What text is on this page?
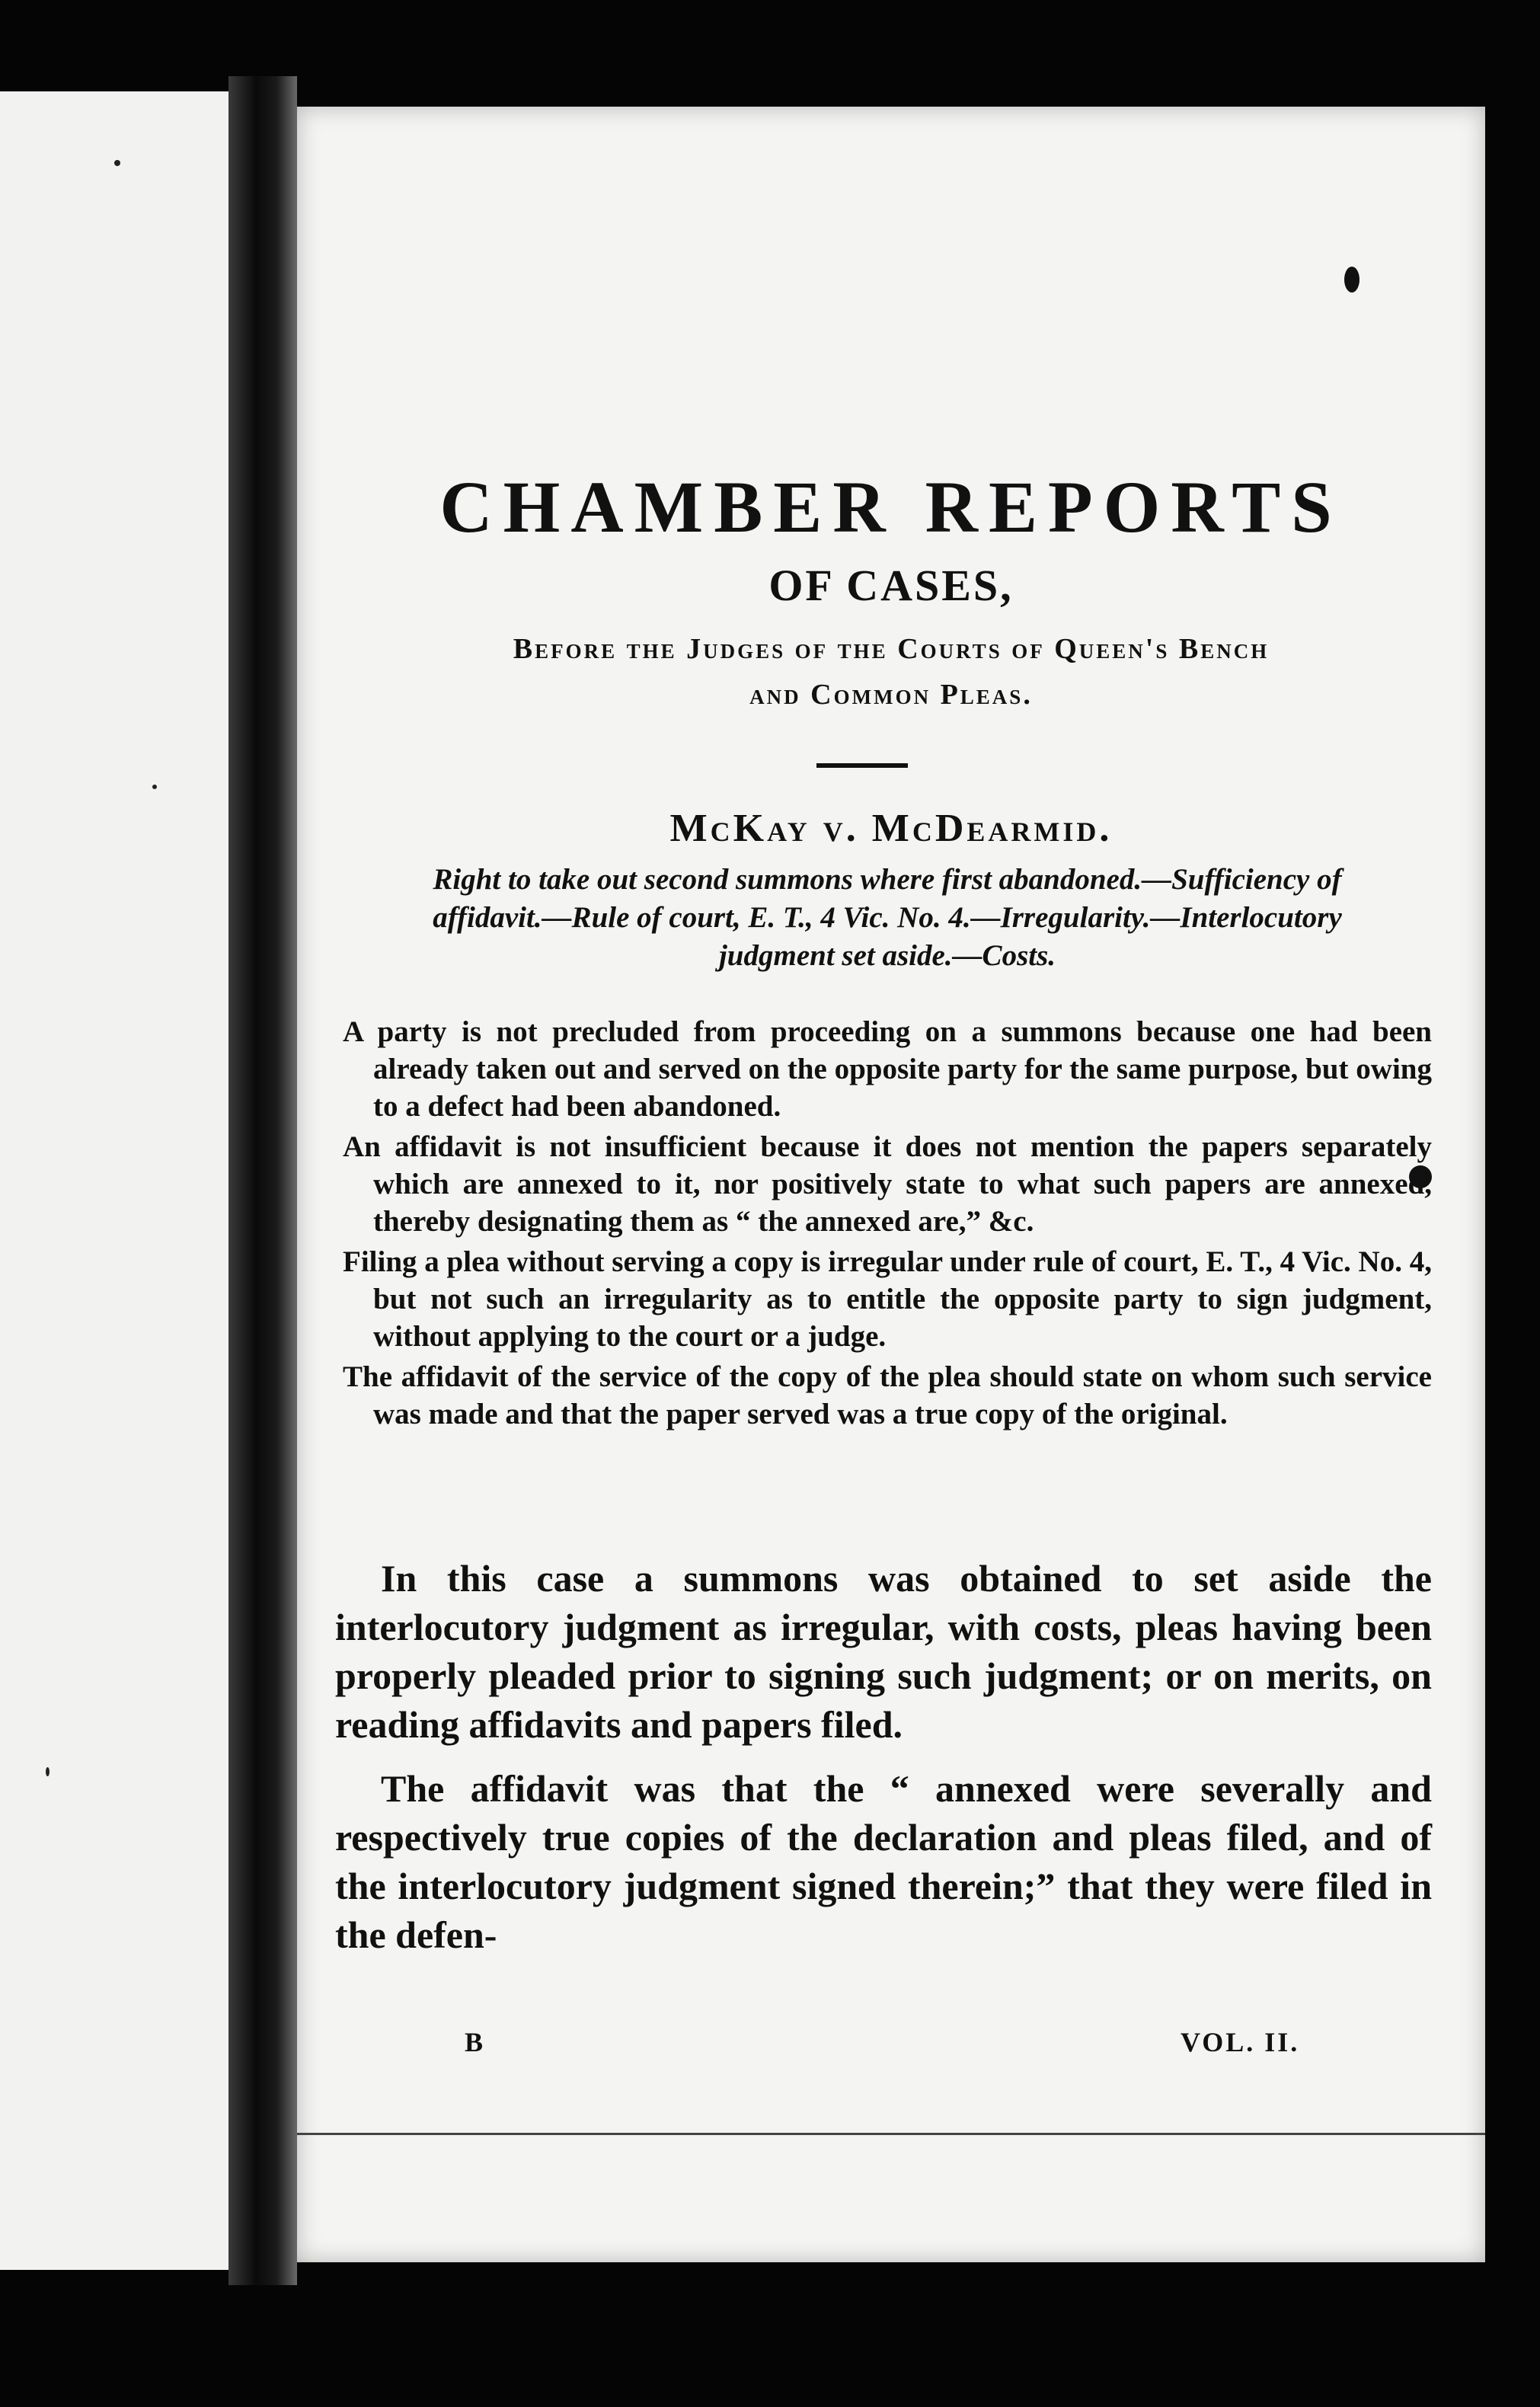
CHAMBER REPORTS
OF CASES,
Before the Judges of the Courts of Queen's Bench
and Common Pleas.
McKay v. McDearmid.
Right to take out second summons where first abandoned.—Sufficiency of affidavit.—Rule of court, E. T., 4 Vic. No. 4.—Irregularity.—Interlocutory judgment set aside.—Costs.

A party is not precluded from proceeding on a summons because one had been already taken out and served on the opposite party for the same purpose, but owing to a defect had been abandoned.

An affidavit is not insufficient because it does not mention the papers separately which are annexed to it, nor positively state to what such papers are annexed, thereby designating them as “ the annexed are,” &c.

Filing a plea without serving a copy is irregular under rule of court, E. T., 4 Vic. No. 4, but not such an irregularity as to entitle the opposite party to sign judgment, without applying to the court or a judge.

The affidavit of the service of the copy of the plea should state on whom such service was made and that the paper served was a true copy of the original.

In this case a summons was obtained to set aside the interlocutory judgment as irregular, with costs, pleas having been properly pleaded prior to signing such judgment; or on merits, on reading affidavits and papers filed.

The affidavit was that the “ annexed were severally and respectively true copies of the declaration and pleas filed, and of the interlocutory judgment signed therein;” that they were filed in the defen-

B	VOL. II.
